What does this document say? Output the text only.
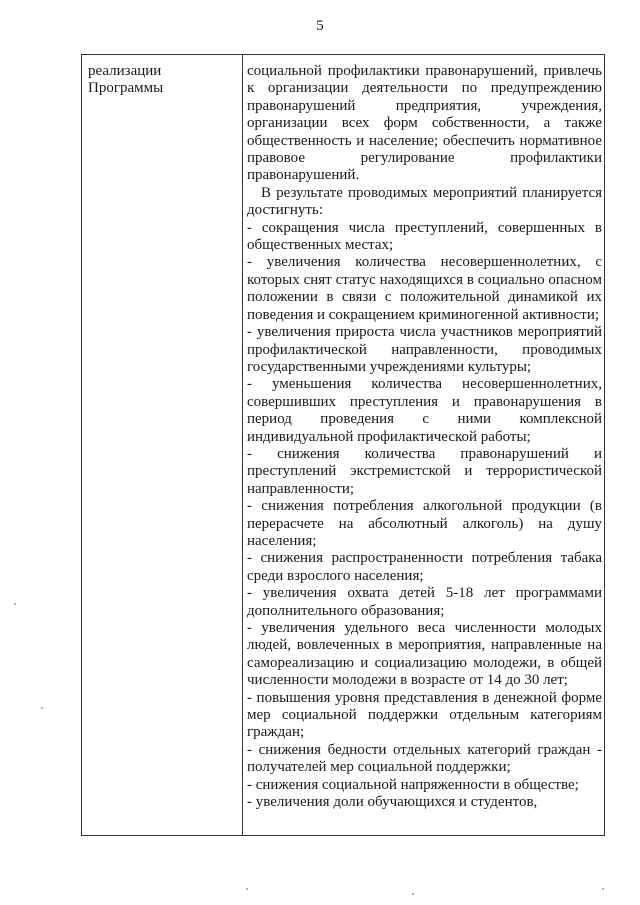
5
реализации
Программы

социальной профилактики правонарушений, привлечь к организации деятельности по предупреждению правонарушений предприятия, учреждения, организации всех форм собственности, а также общественность и население; обеспечить нормативное правовое регулирование профилактики правонарушений.

В результате проводимых мероприятий планируется достигнуть:

- сокращения числа преступлений, совершенных в общественных местах;

- увеличения количества несовершеннолетних, с которых снят статус находящихся в социально опасном положении в связи с положительной динамикой их поведения и сокращением криминогенной активности;

- увеличения прироста числа участников мероприятий профилактической направленности, проводимых государственными учреждениями культуры;

- уменьшения количества несовершеннолетних, совершивших преступления и правонарушения в период проведения с ними комплексной индивидуальной профилактической работы;

- снижения количества правонарушений и преступлений экстремистской и террористической направленности;

- снижения потребления алкогольной продукции (в перерасчете на абсолютный алкоголь) на душу населения;

- снижения распространенности потребления табака среди взрослого населения;

- увеличения охвата детей 5-18 лет программами дополнительного образования;

- увеличения удельного веса численности молодых людей, вовлеченных в мероприятия, направленные на самореализацию и социализацию молодежи, в общей численности молодежи в возрасте от 14 до 30 лет;

- повышения уровня представления в денежной форме мер социальной поддержки отдельным категориям граждан;

- снижения бедности отдельных категорий граждан - получателей мер социальной поддержки;

- снижения социальной напряженности в обществе;

- увеличения доли обучающихся и студентов,
